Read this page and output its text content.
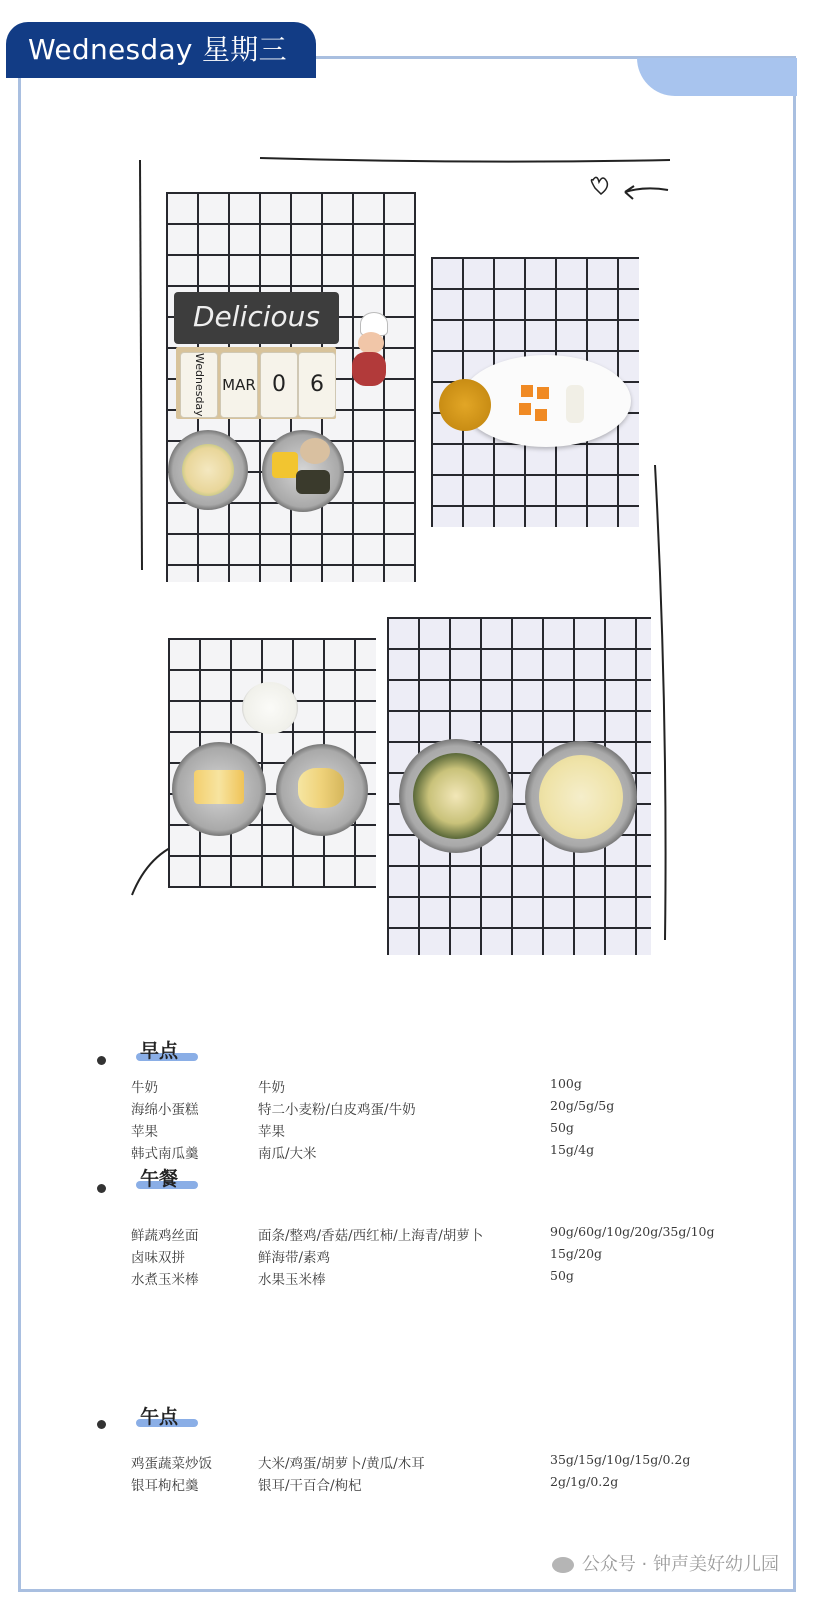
Wednesday 星期三
Delicious
Wednesday	MAR 0	6
早点
牛奶	牛奶	100g
海绵小蛋糕	特二小麦粉/白皮鸡蛋/牛奶	20g/5g/5g
苹果	苹果	50g
韩式南瓜羹	南瓜/大米	15g/4g
午餐
鲜蔬鸡丝面	面条/整鸡/香菇/西红柿/上海青/胡萝卜	90g/60g/10g/20g/35g/10g
卤味双拼	鲜海带/素鸡	15g/20g
水煮玉米棒	水果玉米棒	50g
午点
鸡蛋蔬菜炒饭	大米/鸡蛋/胡萝卜/黄瓜/木耳	35g/15g/10g/15g/0.2g
银耳枸杞羹	银耳/干百合/枸杞	2g/1g/0.2g
公众号 · 钟声美好幼儿园
